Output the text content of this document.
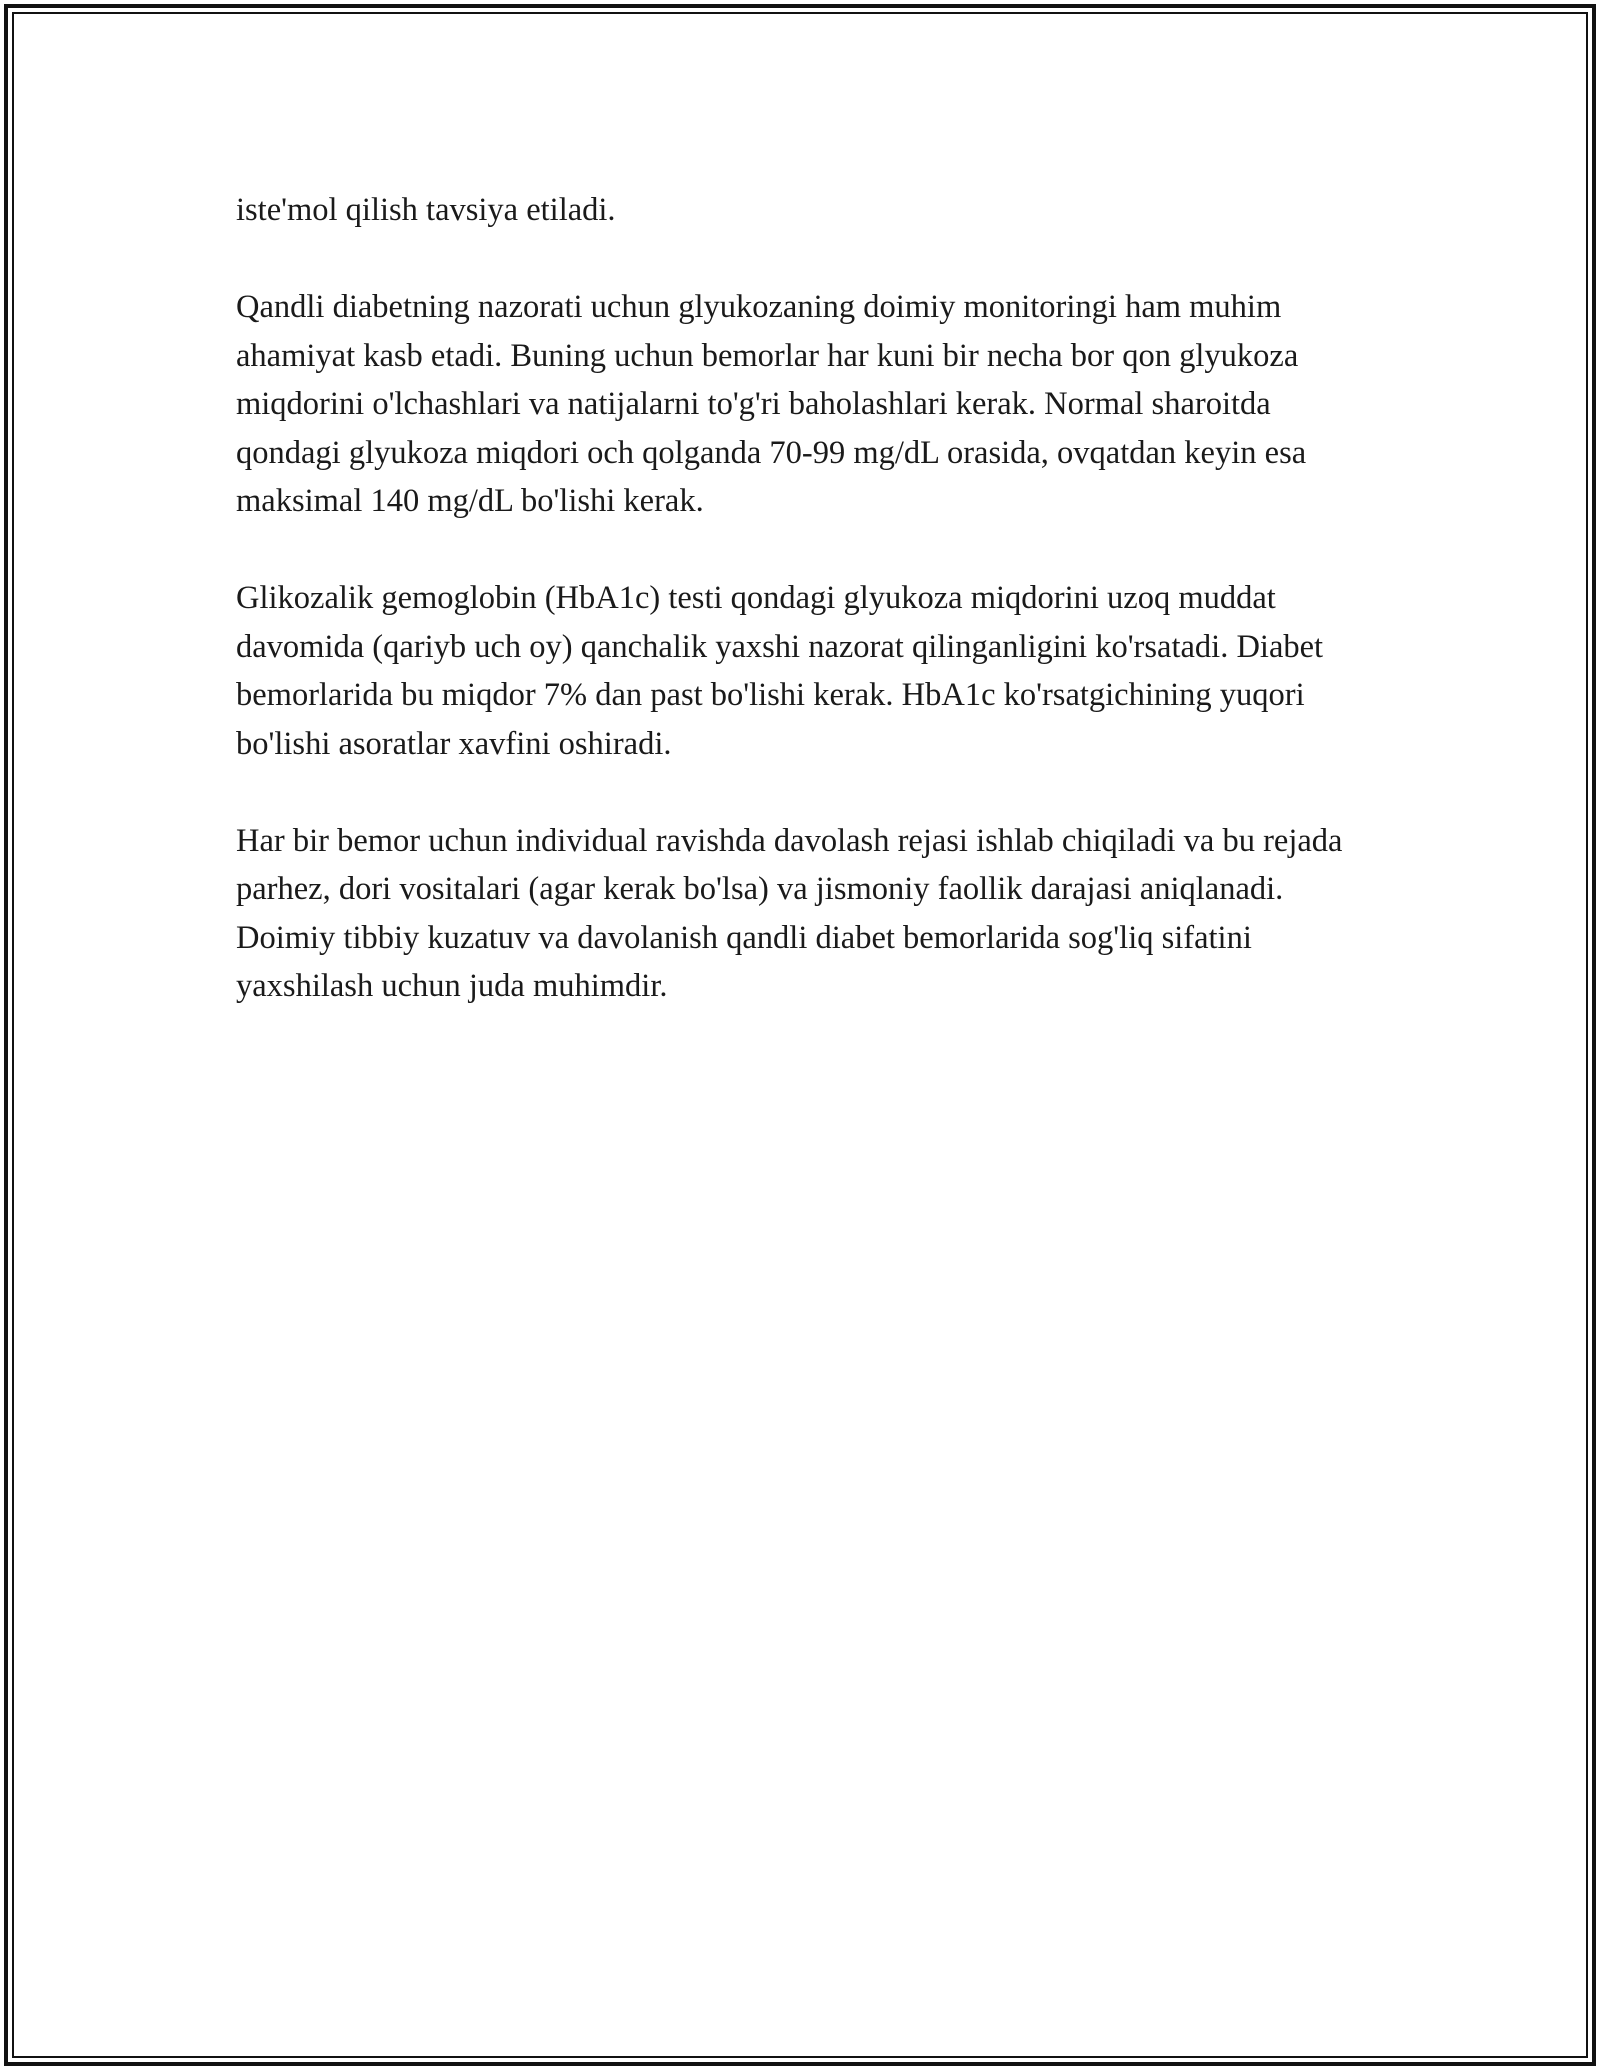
iste'mol qilish tavsiya etiladi.

Qandli diabetning nazorati uchun glyukozaning doimiy monitoringi ham muhim ahamiyat kasb etadi. Buning uchun bemorlar har kuni bir necha bor qon glyukoza miqdorini o'lchashlari va natijalarni to'g'ri baholashlari kerak. Normal sharoitda qondagi glyukoza miqdori och qolganda 70-99 mg/dL orasida, ovqatdan keyin esa maksimal 140 mg/dL bo'lishi kerak.

Glikozalik gemoglobin (HbA1c) testi qondagi glyukoza miqdorini uzoq muddat davomida (qariyb uch oy) qanchalik yaxshi nazorat qilinganligini ko'rsatadi. Diabet bemorlarida bu miqdor 7% dan past bo'lishi kerak. HbA1c ko'rsatgichining yuqori bo'lishi asoratlar xavfini oshiradi.

Har bir bemor uchun individual ravishda davolash rejasi ishlab chiqiladi va bu rejada parhez, dori vositalari (agar kerak bo'lsa) va jismoniy faollik darajasi aniqlanadi. Doimiy tibbiy kuzatuv va davolanish qandli diabet bemorlarida sog'liq sifatini yaxshilash uchun juda muhimdir.
